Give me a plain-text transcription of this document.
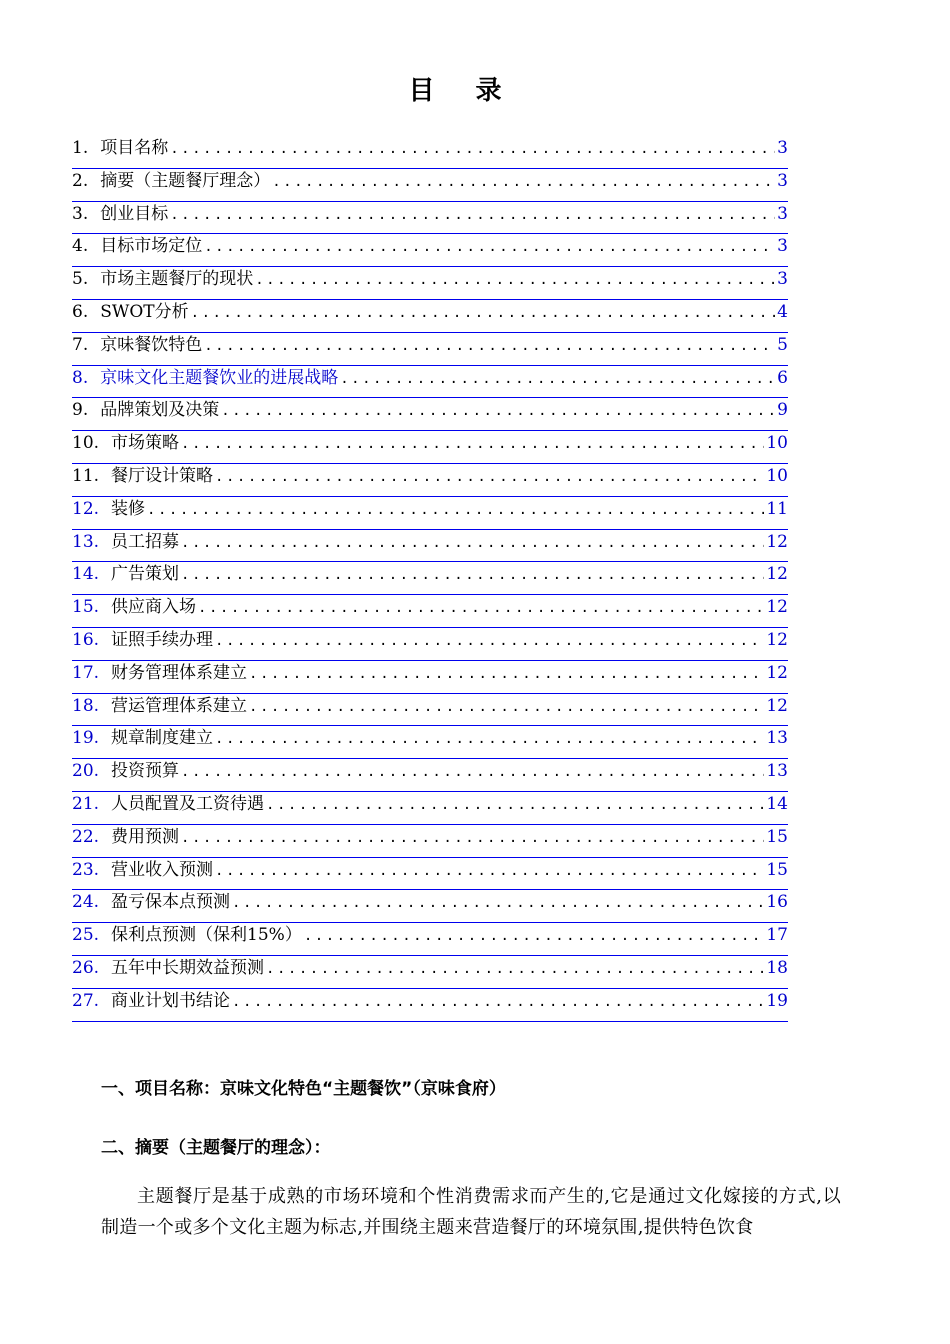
目 录
1. 项目名称 .....	3
2. 摘要（主题餐厅理念） .....	3
3. 创业目标 .....	3
4. 目标市场定位 .....	3
5. 市场主题餐厅的现状 .....	3
6. SWOT分析 .....	4
7. 京味餐饮特色 .....	5
8. 京味文化主题餐饮业的进展战略 .....	6
9. 品牌策划及决策 .....	9
10. 市场策略 .....	10
11. 餐厅设计策略 .....	10
12. 装修 .....	11
13. 员工招募 .....	12
14. 广告策划 .....	12
15. 供应商入场 .....	12
16. 证照手续办理 .....	12
17. 财务管理体系建立 .....	12
18. 营运管理体系建立 .....	12
19. 规章制度建立 .....	13
20. 投资预算 .....	13
21. 人员配置及工资待遇 .....	14
22. 费用预测 .....	15
23. 营业收入预测 .....	15
24. 盈亏保本点预测 .....	16
25. 保利点预测（保利15%） .....	17
26. 五年中长期效益预测 .....	18
27. 商业计划书结论 .....	19
一、项目名称：京味文化特色“主题餐饮”（京味食府）
二、摘要（主题餐厅的理念）：
主题餐厅是基于成熟的市场环境和个性消费需求而产生的,它是通过文化嫁接的方式,以制造一个或多个文化主题为标志,并围绕主题来营造餐厅的环境氛围,提供特色饮食
